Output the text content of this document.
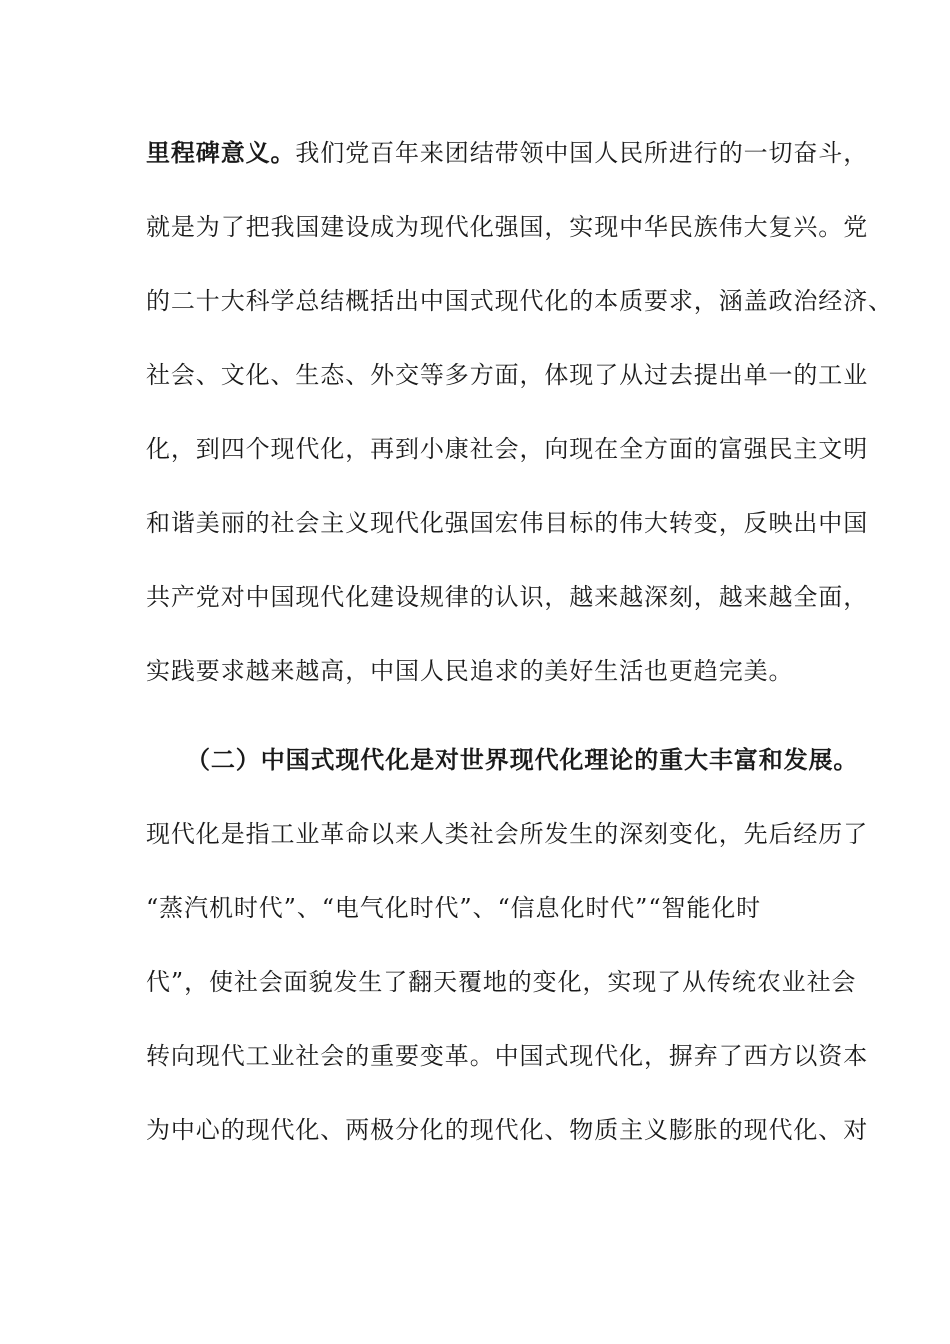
里程碑意义。我们党百年来团结带领中国人民所进行的一切奋斗，
就是为了把我国建设成为现代化强国，实现中华民族伟大复兴。党
的二十大科学总结概括出中国式现代化的本质要求，涵盖政治经济、
社会、文化、生态、外交等多方面，体现了从过去提出单一的工业
化，到四个现代化，再到小康社会，向现在全方面的富强民主文明
和谐美丽的社会主义现代化强国宏伟目标的伟大转变，反映出中国
共产党对中国现代化建设规律的认识，越来越深刻，越来越全面，
实践要求越来越高，中国人民追求的美好生活也更趋完美。
（二）中国式现代化是对世界现代化理论的重大丰富和发展。
现代化是指工业革命以来人类社会所发生的深刻变化，先后经历了
“蒸汽机时代”、“电气化时代”、“信息化时代”“智能化时
代”，使社会面貌发生了翻天覆地的变化，实现了从传统农业社会
转向现代工业社会的重要变革。中国式现代化，摒弃了西方以资本
为中心的现代化、两极分化的现代化、物质主义膨胀的现代化、对
